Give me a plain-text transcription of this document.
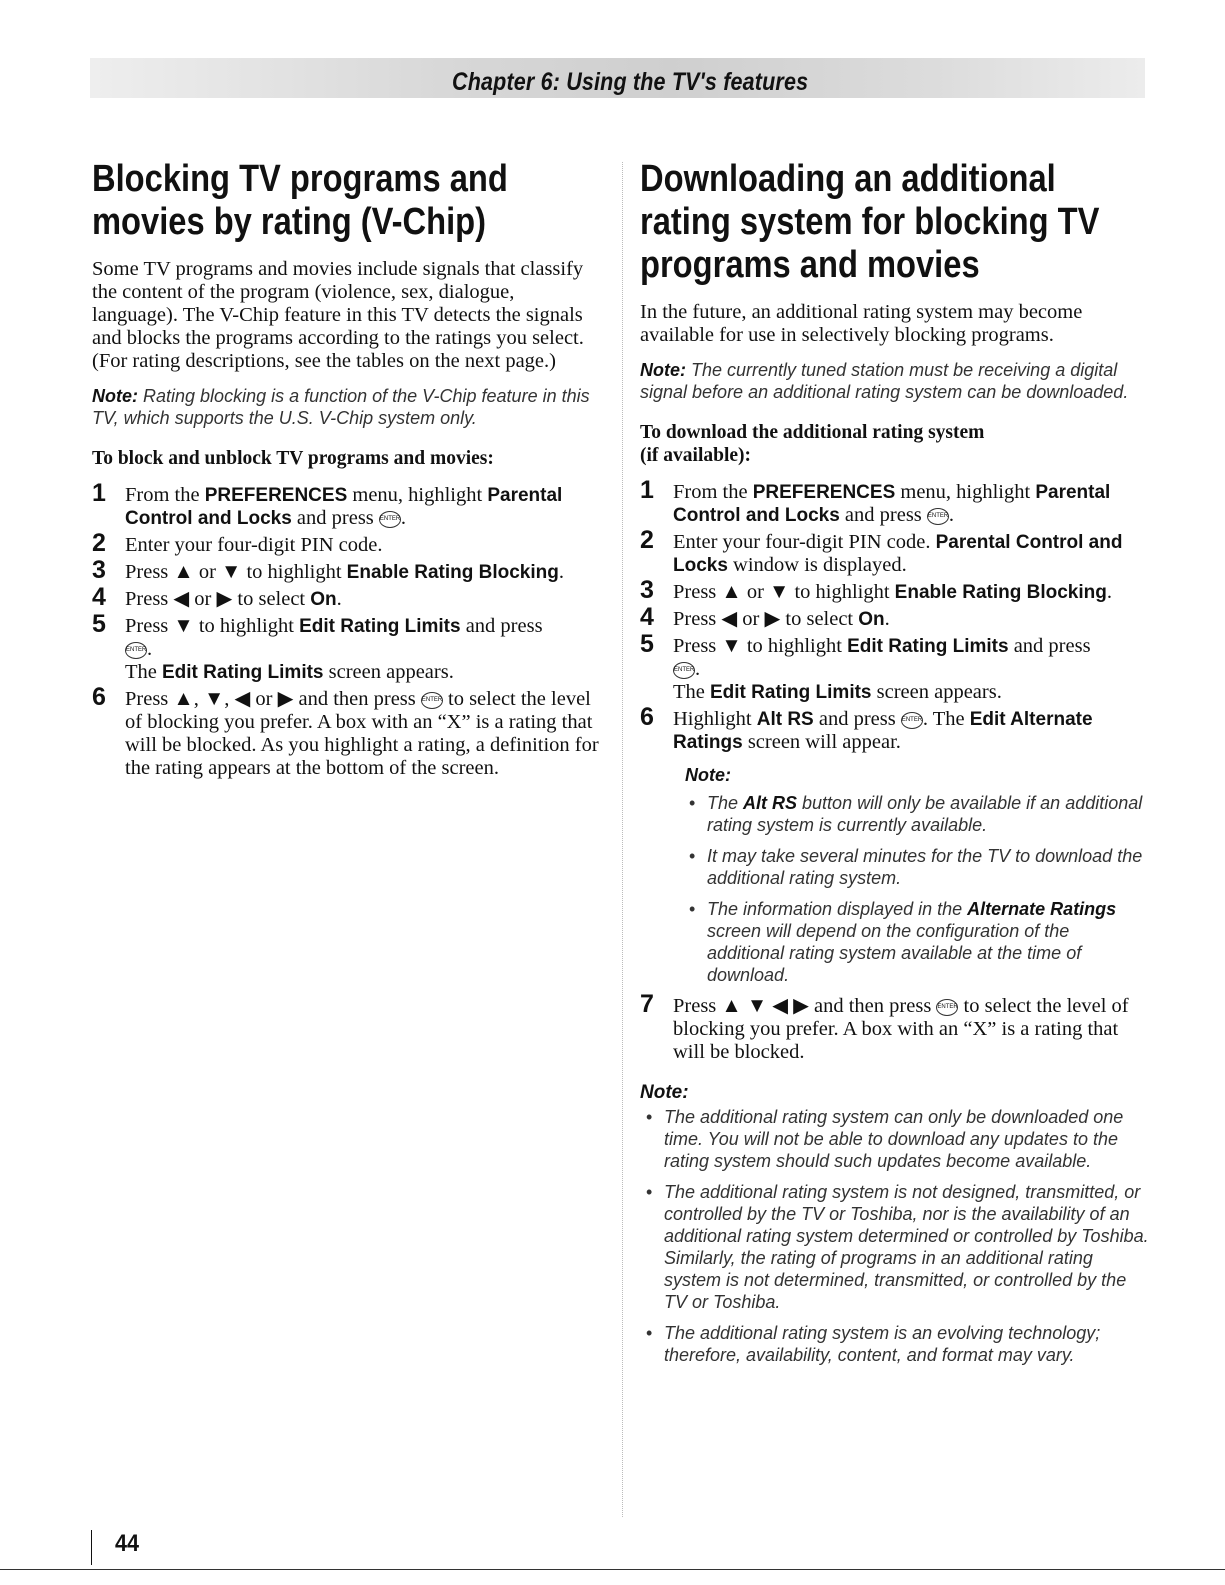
Chapter 6: Using the TV's features
Blocking TV programs and movies by rating (V-Chip)

Some TV programs and movies include signals that classify the content of the program (violence, sex, dialogue, language). The V-Chip feature in this TV detects the signals and blocks the programs according to the ratings you select. (For rating descriptions, see the tables on the next page.)

Note: Rating blocking is a function of the V-Chip feature in this TV, which supports the U.S. V-Chip system only.

To block and unblock TV programs and movies:
1 From the PREFERENCES menu, highlight Parental Control and Locks and press ENTER.
2 Enter your four-digit PIN code.
3 Press ▲ or ▼ to highlight Enable Rating Blocking.
4 Press ◀ or ▶ to select On.
5 Press ▼ to highlight Edit Rating Limits and press
ENTER.
The Edit Rating Limits screen appears.
6 Press ▲, ▼, ◀ or ▶ and then press ENTER to select the level of blocking you prefer. A box with an “X” is a rating that will be blocked. As you highlight a rating, a definition for the rating appears at the bottom of the screen.
Downloading an additional rating system for blocking TV programs and movies

In the future, an additional rating system may become available for use in selectively blocking programs.

Note: The currently tuned station must be receiving a digital signal before an additional rating system can be downloaded.

To download the additional rating system
(if available):
1 From the PREFERENCES menu, highlight Parental Control and Locks and press ENTER.
2 Enter your four-digit PIN code. Parental Control and Locks window is displayed.
3 Press ▲ or ▼ to highlight Enable Rating Blocking.
4 Press ◀ or ▶ to select On.
5 Press ▼ to highlight Edit Rating Limits and press
ENTER.
The Edit Rating Limits screen appears.
6 Highlight Alt RS and press ENTER. The Edit Alternate Ratings screen will appear.
Note:
• The Alt RS button will only be available if an additional rating system is currently available.
• It may take several minutes for the TV to download the additional rating system.
• The information displayed in the Alternate Ratings screen will depend on the configuration of the additional rating system available at the time of download.
7 Press ▲ ▼ ◀ ▶ and then press ENTER to select the level of blocking you prefer. A box with an “X” is a rating that will be blocked.
Note:
• The additional rating system can only be downloaded one time. You will not be able to download any updates to the rating system should such updates become available.
• The additional rating system is not designed, transmitted, or controlled by the TV or Toshiba, nor is the availability of an additional rating system determined or controlled by Toshiba. Similarly, the rating of programs in an additional rating system is not determined, transmitted, or controlled by the TV or Toshiba.
• The additional rating system is an evolving technology; therefore, availability, content, and format may vary.
44
